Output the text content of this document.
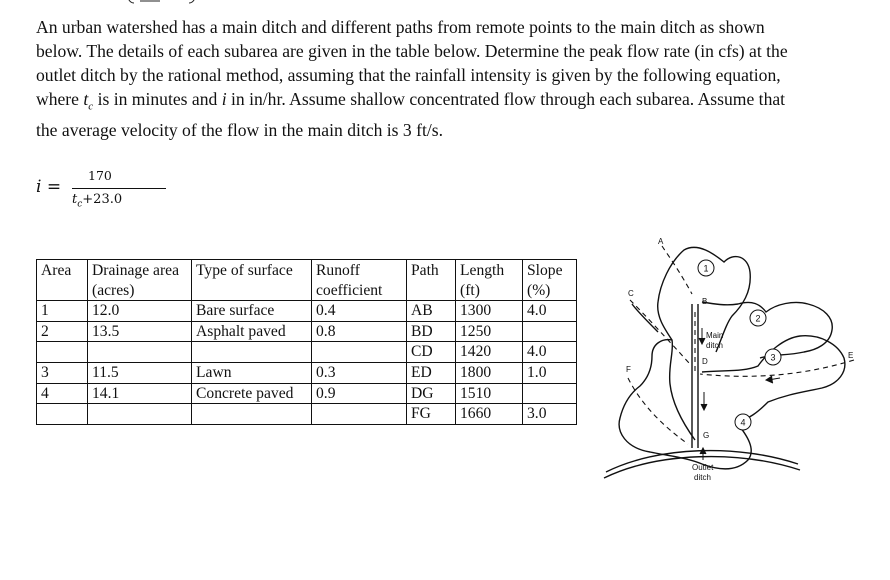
An urban watershed has a main ditch and different paths from remote points to the main ditch as shown below. The details of each subarea are given in the table below. Determine the peak flow rate (in cfs) at the outlet ditch by the rational method, assuming that the rainfall intensity is given by the following equation, where $t_c$ is in minutes and i in in/hr. Assume shallow concentrated flow through each subarea. Assume that the average velocity of the flow in the main ditch is 3 ft/s.
i =
170
$t_c+23.0$
Area	Drainage area (acres)	Type of surface	Runoff coefficient	Path	Length (ft)	Slope (%)
1	12.0	Bare surface	0.4	AB	1300	4.0
2	13.5	Asphalt paved	0.8	BD	1250	
				CD	1420	4.0
3	11.5	Lawn	0.3	ED	1800	1.0
4	14.1	Concrete paved	0.9	DG	1510	
				FG	1660	3.0
1
2
3
4
A
B
C
D
E
F
G
Main
ditch
Outlet
ditch
